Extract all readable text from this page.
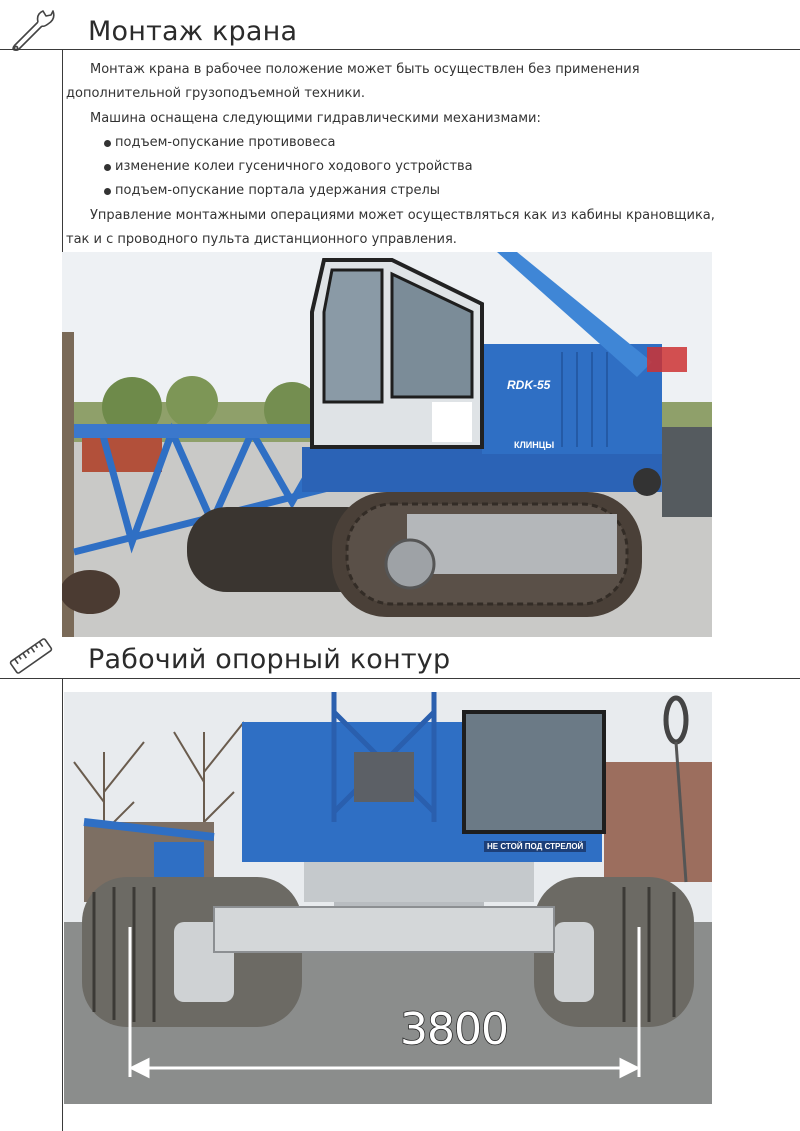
Монтаж крана

Монтаж крана в рабочее положение может быть осуществлен без применения дополнительной грузоподъемной техники.

Машина оснащена следующими гидравлическими механизмами:

подъем-опускание противовеса
изменение колеи гусеничного ходового устройства
подъем-опускание портала удержания стрелы

Управление монтажными операциями может осуществляться как из кабины крановщика, так и с проводного пульта дистанционного управления.

RDK-55
КЛИНЦЫ
Рабочий опорный контур
НЕ СТОЙ ПОД СТРЕЛОЙ
3800
